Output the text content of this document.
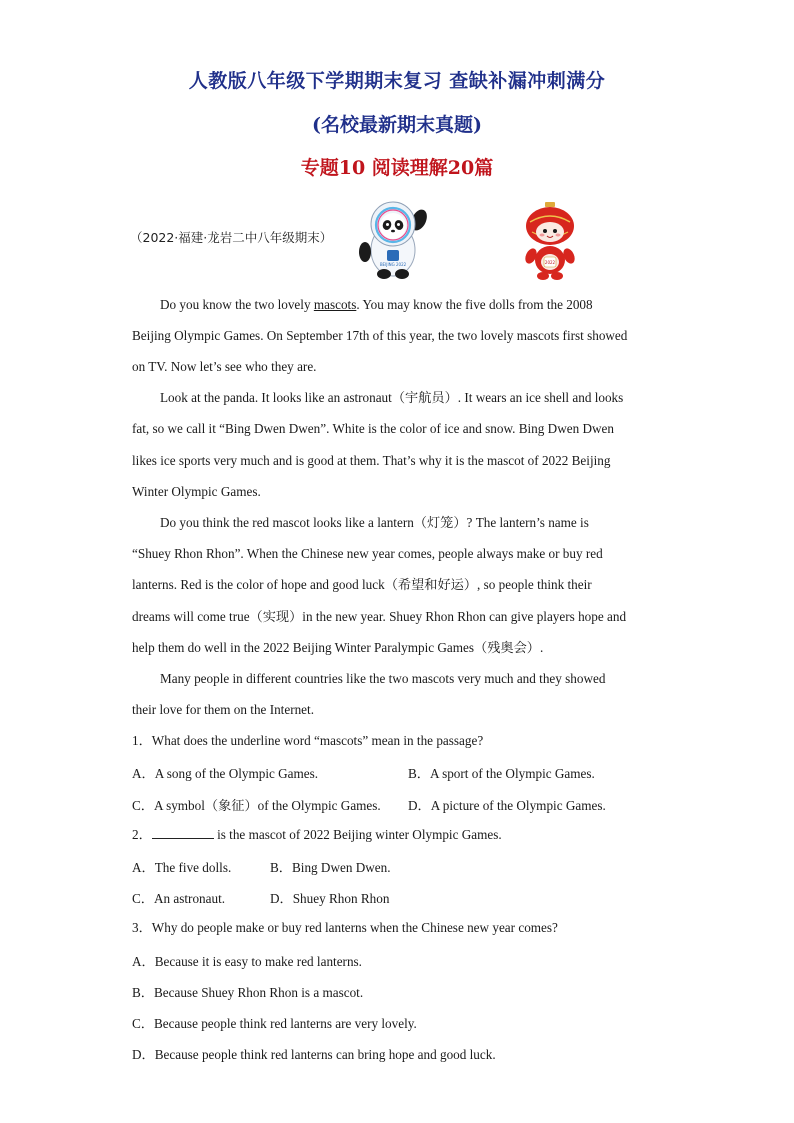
人教版八年级下学期期末复习 查缺补漏冲刺满分
(名校最新期末真题)
专题10 阅读理解20篇
（2022·福建·龙岩二中八年级期末）
BEIJING 2022	2022
Do you know the two lovely mascots. You may know the five dolls from the 2008
Beijing Olympic Games. On September 17th of this year, the two lovely mascots first showed
on TV. Now let’s see who they are.
Look at the panda. It looks like an astronaut（宇航员）. It wears an ice shell and looks
fat, so we call it “Bing Dwen Dwen”. White is the color of ice and snow. Bing Dwen Dwen
likes ice sports very much and is good at them. That’s why it is the mascot of 2022 Beijing
Winter Olympic Games.
Do you think the red mascot looks like a lantern（灯笼）? The lantern’s name is
“Shuey Rhon Rhon”. When the Chinese new year comes, people always make or buy red
lanterns. Red is the color of hope and good luck（希望和好运）, so people think their
dreams will come true（实现）in the new year. Shuey Rhon Rhon can give players hope and
help them do well in the 2022 Beijing Winter Paralympic Games（残奥会）.
Many people in different countries like the two mascots very much and they showed
their love for them on the Internet.
1．What does the underline word “mascots” mean in the passage?
A．A song of the Olympic Games.	B．A sport of the Olympic Games.
C．A symbol（象征）of the Olympic Games. D．A picture of the Olympic Games.
2．	is the mascot of 2022 Beijing winter Olympic Games.
A．The five dolls.	B．Bing Dwen Dwen.
C．An astronaut.	D．Shuey Rhon Rhon
3．Why do people make or buy red lanterns when the Chinese new year comes?
A．Because it is easy to make red lanterns.
B．Because Shuey Rhon Rhon is a mascot.
C．Because people think red lanterns are very lovely.
D．Because people think red lanterns can bring hope and good luck.
